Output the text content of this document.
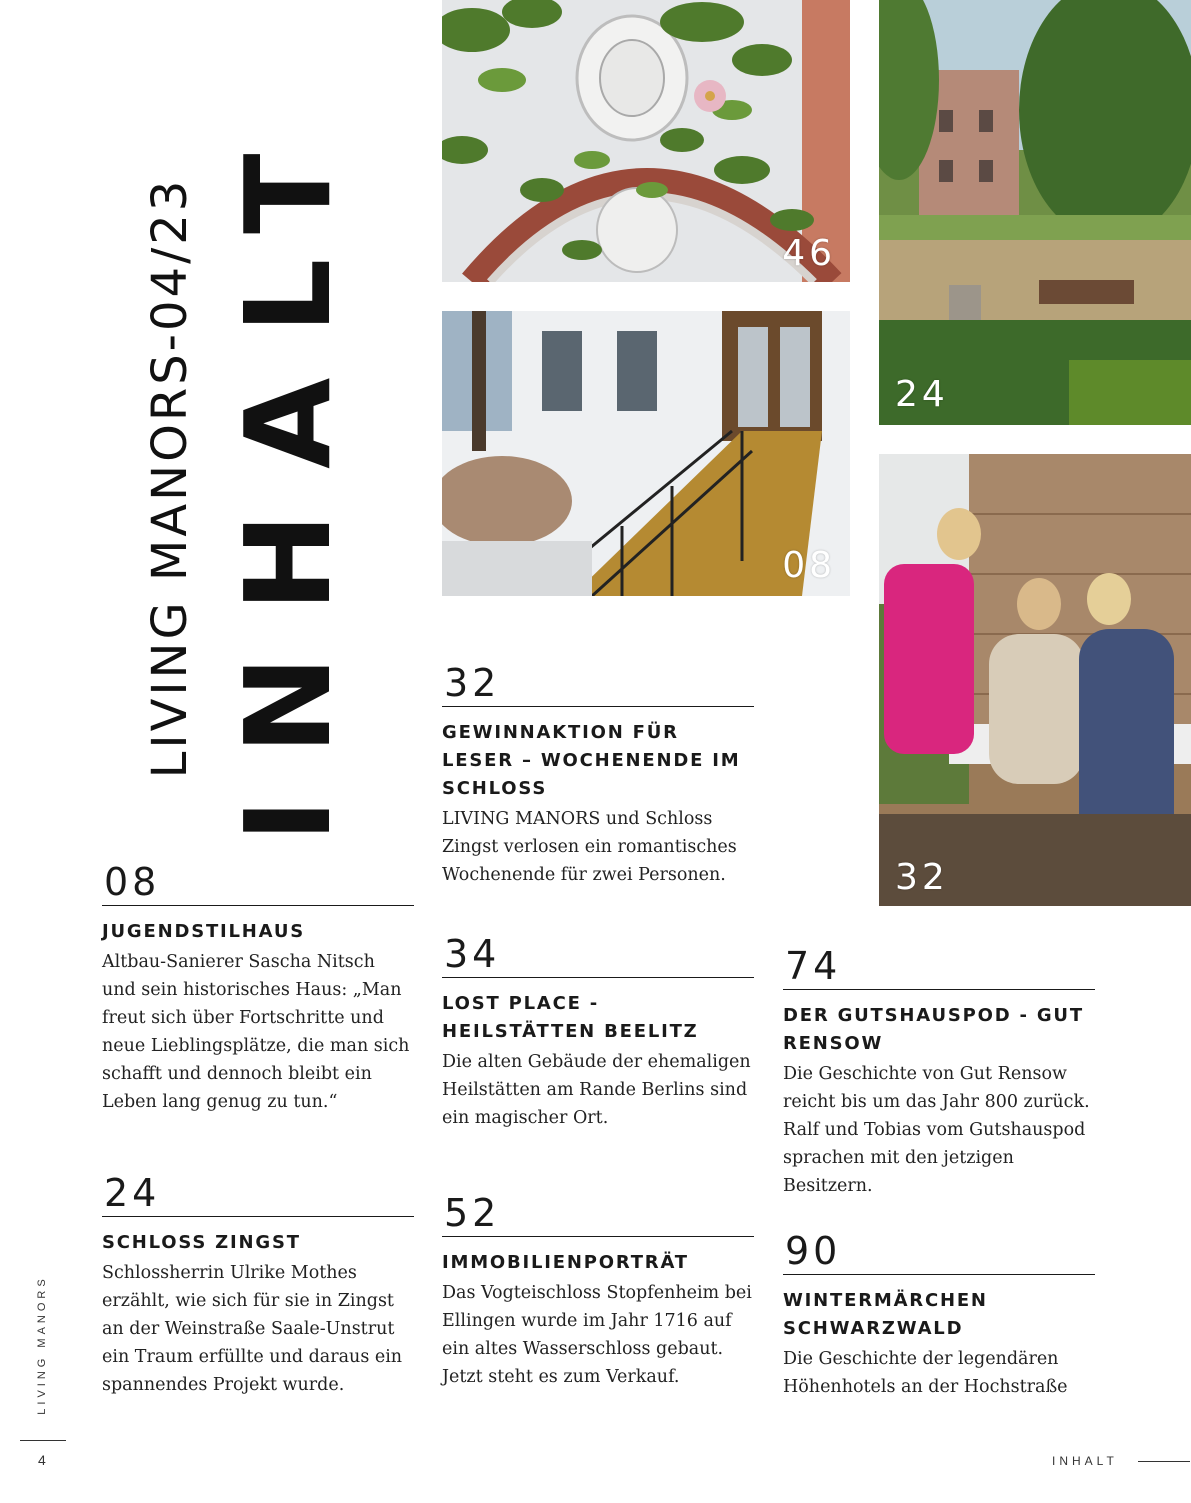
LIVING MANORS-04/23 INHALT	46
24
08
32
08
JUGENDSTILHAUS
Altbau-Sanierer Sascha Nitsch und sein historisches Haus: „Man freut sich über Fortschritte und neue Lieblingsplätze, die man sich schafft und dennoch bleibt ein Leben lang genug zu tun.“
24
SCHLOSS ZINGST
Schlossherrin Ulrike Mothes erzählt, wie sich für sie in Zingst an der Weinstraße Saale-Unstrut ein Traum erfüllte und daraus ein spannendes Projekt wurde.
32
GEWINNAKTION FÜR LESER – WOCHENENDE IM SCHLOSS
LIVING MANORS und Schloss Zingst verlosen ein romantisches Wochenende für zwei Personen.
34
LOST PLACE - HEILSTÄTTEN BEELITZ
Die alten Gebäude der ehemaligen Heilstätten am Rande Berlins sind ein magischer Ort.
52
IMMOBILIENPORTRÄT
Das Vogteischloss Stopfenheim bei Ellingen wurde im Jahr 1716 auf ein altes Wasserschloss gebaut. Jetzt steht es zum Verkauf.
74
DER GUTSHAUSPOD - GUT RENSOW
Die Geschichte von Gut Rensow reicht bis um das Jahr 800 zurück. Ralf und Tobias vom Gutshauspod sprachen mit den jetzigen Besitzern.
90
WINTERMÄRCHEN SCHWARZWALD
Die Geschichte der legendären Höhenhotels an der Hochstraße
LIVING MANORS
4	INHALT
